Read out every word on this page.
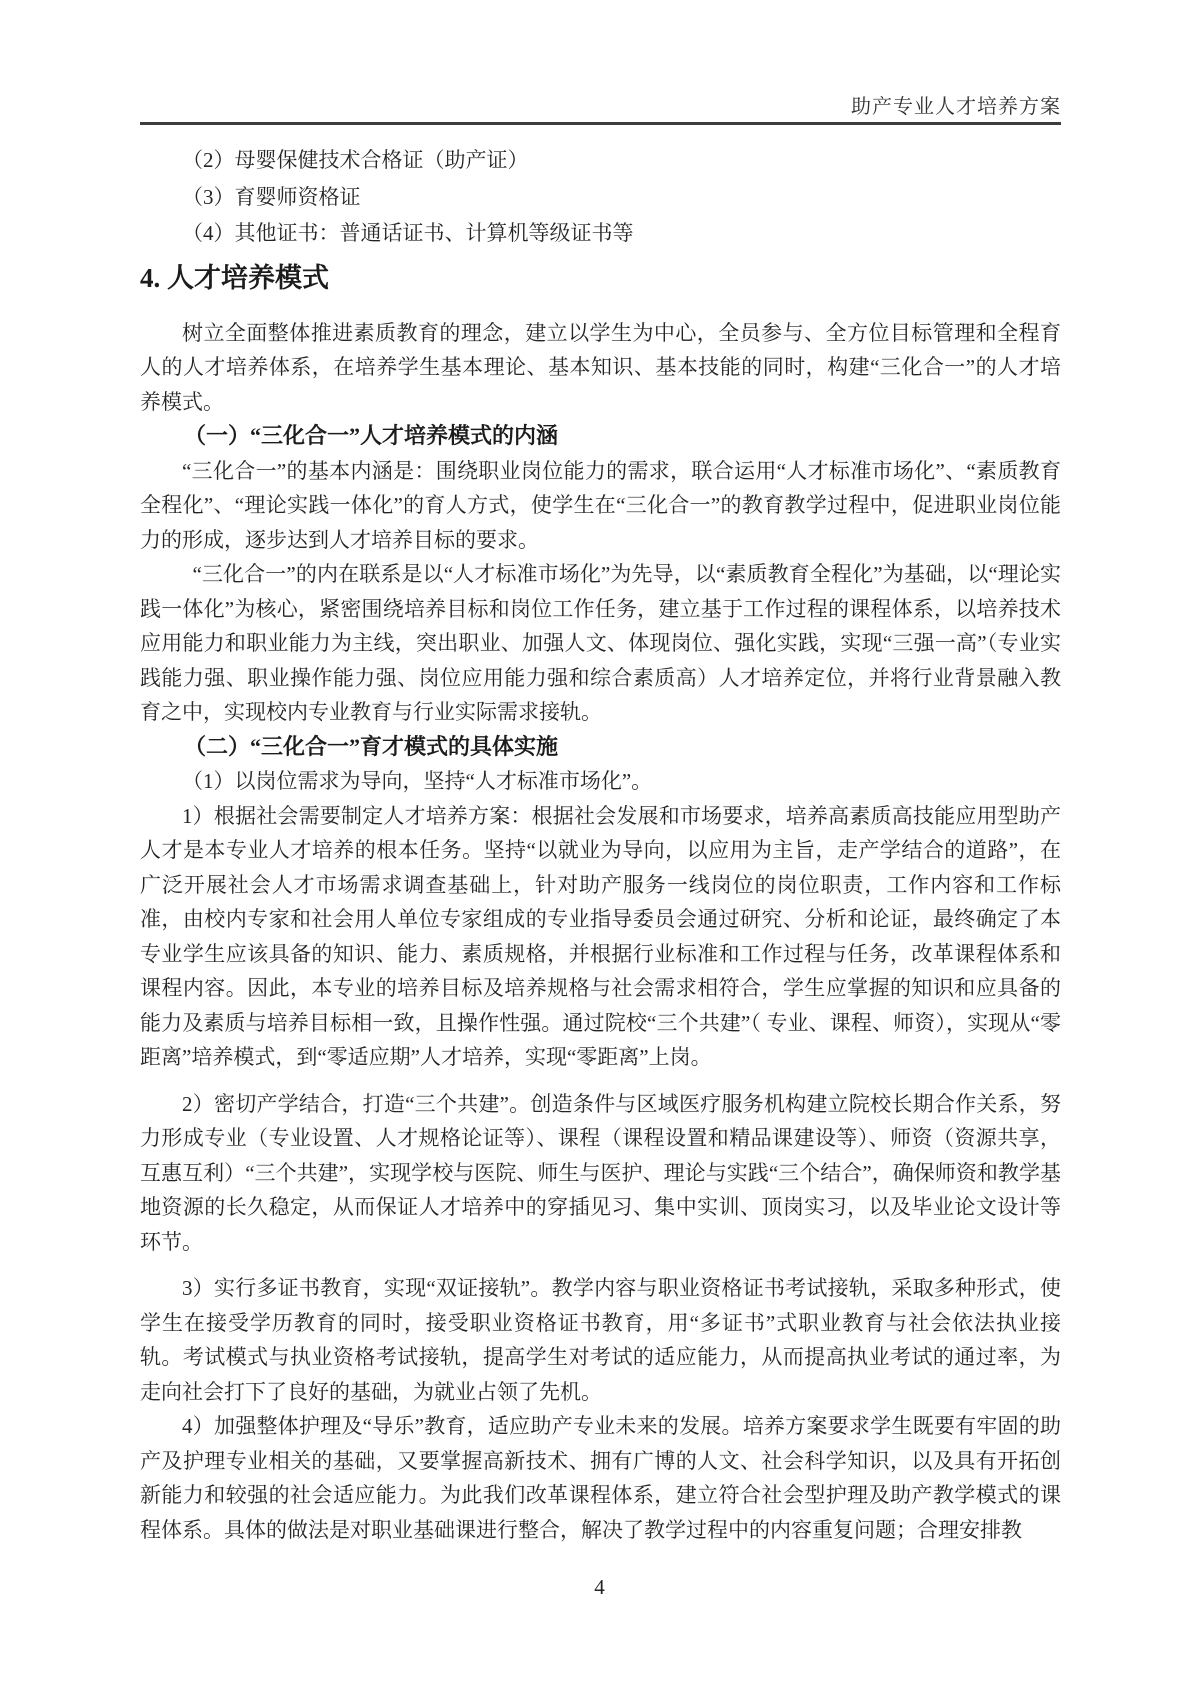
助产专业人才培养方案

（2）母婴保健技术合格证（助产证）

（3）育婴师资格证

（4）其他证书：普通话证书、计算机等级证书等

4. 人才培养模式

树立全面整体推进素质教育的理念，建立以学生为中心，全员参与、全方位目标管理和全程育人的人才培养体系，在培养学生基本理论、基本知识、基本技能的同时，构建“三化合一”的人才培养模式。

（一）“三化合一”人才培养模式的内涵

“三化合一”的基本内涵是：围绕职业岗位能力的需求，联合运用“人才标准市场化”、“素质教育全程化”、“理论实践一体化”的育人方式，使学生在“三化合一”的教育教学过程中，促进职业岗位能力的形成，逐步达到人才培养目标的要求。

“三化合一”的内在联系是以“人才标准市场化”为先导，以“素质教育全程化”为基础，以“理论实践一体化”为核心，紧密围绕培养目标和岗位工作任务，建立基于工作过程的课程体系，以培养技术应用能力和职业能力为主线，突出职业、加强人文、体现岗位、强化实践，实现“三强一高”（专业实践能力强、职业操作能力强、岗位应用能力强和综合素质高）人才培养定位，并将行业背景融入教育之中，实现校内专业教育与行业实际需求接轨。

（二）“三化合一”育才模式的具体实施

（1）以岗位需求为导向，坚持“人才标准市场化”。

1）根据社会需要制定人才培养方案：根据社会发展和市场要求，培养高素质高技能应用型助产人才是本专业人才培养的根本任务。坚持“以就业为导向，以应用为主旨，走产学结合的道路”，在广泛开展社会人才市场需求调查基础上，针对助产服务一线岗位的岗位职责，工作内容和工作标准，由校内专家和社会用人单位专家组成的专业指导委员会通过研究、分析和论证，最终确定了本专业学生应该具备的知识、能力、素质规格，并根据行业标准和工作过程与任务，改革课程体系和课程内容。因此，本专业的培养目标及培养规格与社会需求相符合，学生应掌握的知识和应具备的能力及素质与培养目标相一致，且操作性强。通过院校“三个共建”（ 专业、课程、师资），实现从“零距离”培养模式，到“零适应期”人才培养，实现“零距离”上岗。

2）密切产学结合，打造“三个共建”。创造条件与区域医疗服务机构建立院校长期合作关系，努力形成专业（专业设置、人才规格论证等）、课程（课程设置和精品课建设等）、师资（资源共享，互惠互利）“三个共建”，实现学校与医院、师生与医护、理论与实践“三个结合”，确保师资和教学基地资源的长久稳定，从而保证人才培养中的穿插见习、集中实训、顶岗实习，以及毕业论文设计等环节。

3）实行多证书教育，实现“双证接轨”。教学内容与职业资格证书考试接轨，采取多种形式，使学生在接受学历教育的同时，接受职业资格证书教育，用“多证书”式职业教育与社会依法执业接轨。考试模式与执业资格考试接轨，提高学生对考试的适应能力，从而提高执业考试的通过率，为走向社会打下了良好的基础，为就业占领了先机。

4）加强整体护理及“导乐”教育，适应助产专业未来的发展。培养方案要求学生既要有牢固的助产及护理专业相关的基础，又要掌握高新技术、拥有广博的人文、社会科学知识，以及具有开拓创新能力和较强的社会适应能力。为此我们改革课程体系，建立符合社会型护理及助产教学模式的课程体系。具体的做法是对职业基础课进行整合，解决了教学过程中的内容重复问题；合理安排教

4
